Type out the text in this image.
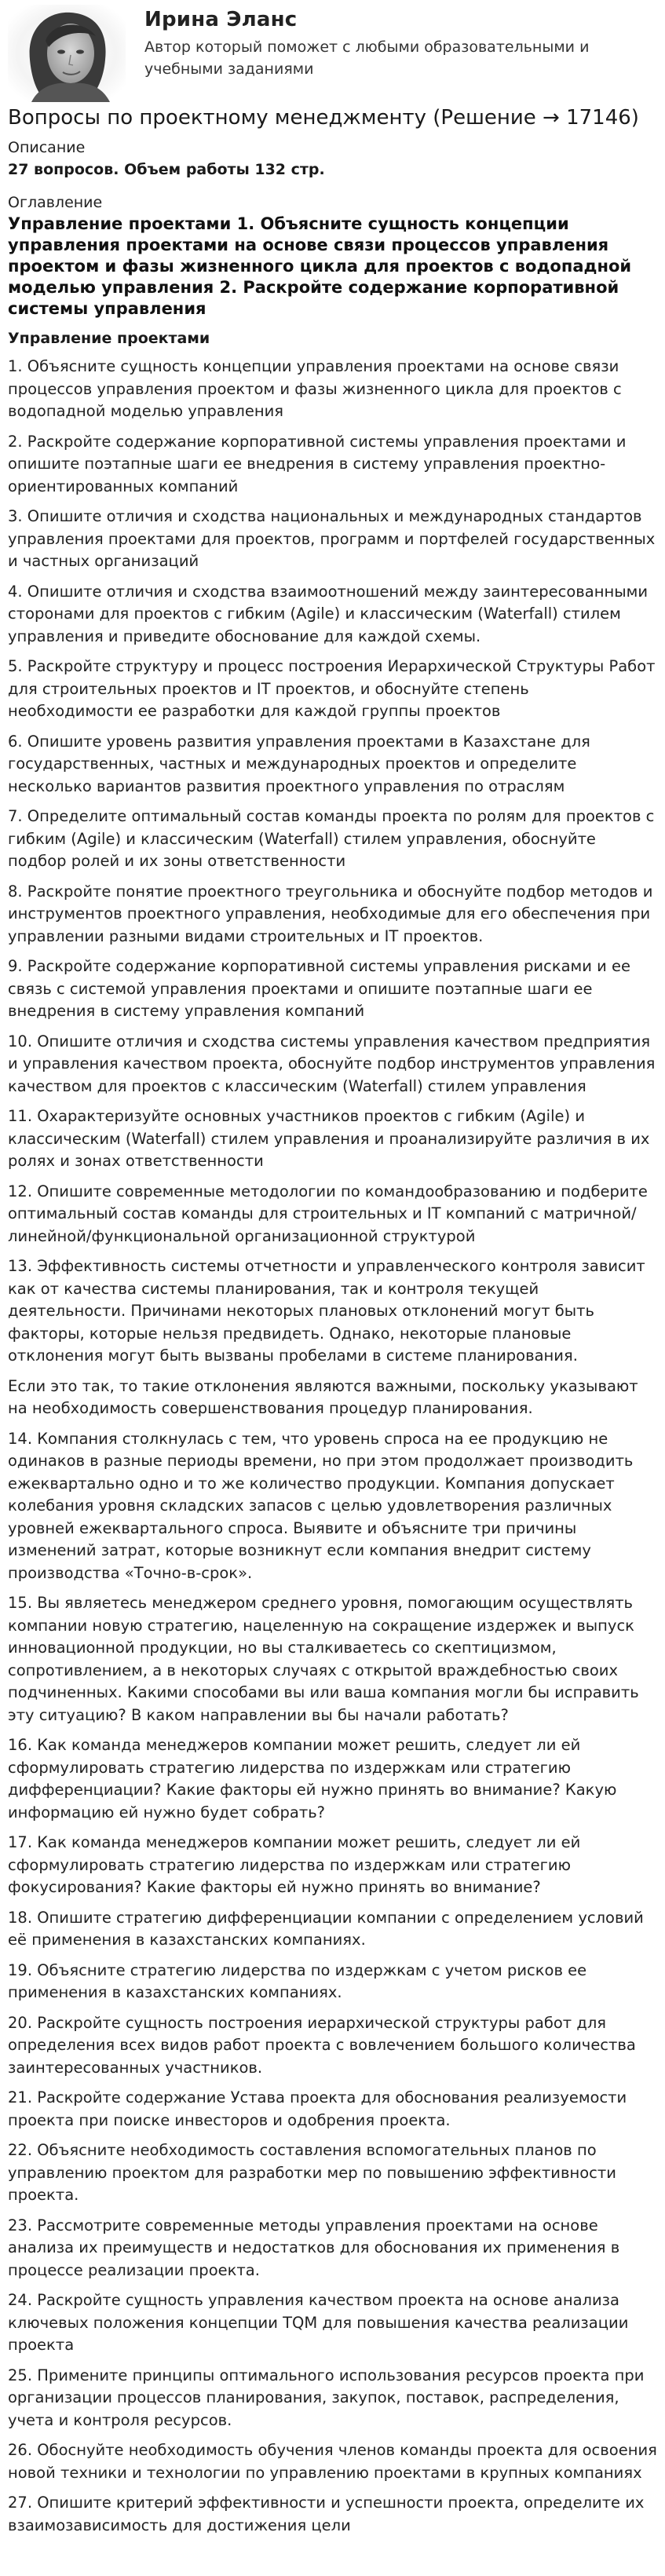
Ирина Эланс
Автор который поможет с любыми образовательными и учебными заданиями
Вопросы по проектному менеджменту (Решение → 17146)
Описание
27 вопросов. Объем работы 132 стр.
Оглавление
Управление проектами 1. Объясните сущность концепции управления проектами на основе связи процессов управления проектом и фазы жизненного цикла для проектов с водопадной моделью управления 2. Раскройте содержание корпоративной системы управления
Управление проектами

1. Объясните сущность концепции управления проектами на основе связи процессов управления проектом и фазы жизненного цикла для проектов с водопадной моделью управления

2. Раскройте содержание корпоративной системы управления проектами и опишите поэтапные шаги ее внедрения в систему управления проектно-ориентированных компаний

3. Опишите отличия и сходства национальных и международных стандартов управления проектами для проектов, программ и портфелей государственных и частных организаций

4. Опишите отличия и сходства взаимоотношений между заинтересованными сторонами для проектов с гибким (Agile) и классическим (Waterfall) стилем управления и приведите обоснование для каждой схемы.

5. Раскройте структуру и процесс построения Иерархической Структуры Работ для строительных проектов и IT проектов, и обоснуйте степень необходимости ее разработки для каждой группы проектов

6. Опишите уровень развития управления проектами в Казахстане для государственных, частных и международных проектов и определите несколько вариантов развития проектного управления по отраслям

7. Определите оптимальный состав команды проекта по ролям для проектов с гибким (Agile) и классическим (Waterfall) стилем управления, обоснуйте подбор ролей и их зоны ответственности

8. Раскройте понятие проектного треугольника и обоснуйте подбор методов и инструментов проектного управления, необходимые для его обеспечения при управлении разными видами строительных и IT проектов.

9. Раскройте содержание корпоративной системы управления рисками и ее связь с системой управления проектами и опишите поэтапные шаги ее внедрения в систему управления компаний

10. Опишите отличия и сходства системы управления качеством предприятия и управления качеством проекта, обоснуйте подбор инструментов управления качеством для проектов с классическим (Waterfall) стилем управления

11. Охарактеризуйте основных участников проектов с гибким (Agile) и классическим (Waterfall) стилем управления и проанализируйте различия в их ролях и зонах ответственности

12. Опишите современные методологии по командообразованию и подберите оптимальный состав команды для строительных и IT компаний с матричной/линейной/функциональной организационной структурой

13. Эффективность системы отчетности и управленческого контроля зависит как от качества системы планирования, так и контроля текущей деятельности. Причинами некоторых плановых отклонений могут быть факторы, которые нельзя предвидеть. Однако, некоторые плановые отклонения могут быть вызваны пробелами в системе планирования.

Если это так, то такие отклонения являются важными, поскольку указывают на необходимость совершенствования процедур планирования.

14. Компания столкнулась с тем, что уровень спроса на ее продукцию не одинаков в разные периоды времени, но при этом продолжает производить ежеквартально одно и то же количество продукции. Компания допускает колебания уровня складских запасов с целью удовлетворения различных уровней ежеквартального спроса. Выявите и объясните три причины изменений затрат, которые возникнут если компания внедрит систему производства «Точно-в-срок».

15. Вы являетесь менеджером среднего уровня, помогающим осуществлять компании новую стратегию, нацеленную на сокращение издержек и выпуск инновационной продукции, но вы сталкиваетесь со скептицизмом, сопротивлением, а в некоторых случаях с открытой враждебностью своих подчиненных. Какими способами вы или ваша компания могли бы исправить эту ситуацию? В каком направлении вы бы начали работать?

16. Как команда менеджеров компании может решить, следует ли ей сформулировать стратегию лидерства по издержкам или стратегию дифференциации? Какие факторы ей нужно принять во внимание? Какую информацию ей нужно будет собрать?

17. Как команда менеджеров компании может решить, следует ли ей сформулировать стратегию лидерства по издержкам или стратегию фокусирования? Какие факторы ей нужно принять во внимание?

18. Опишите стратегию дифференциации компании с определением условий её применения в казахстанских компаниях.

19. Объясните стратегию лидерства по издержкам с учетом рисков ее применения в казахстанских компаниях.

20. Раскройте сущность построения иерархической структуры работ для определения всех видов работ проекта с вовлечением большого количества заинтересованных участников.

21. Раскройте содержание Устава проекта для обоснования реализуемости проекта при поиске инвесторов и одобрения проекта.

22. Объясните необходимость составления вспомогательных планов по управлению проектом для разработки мер по повышению эффективности проекта.

23. Рассмотрите современные методы управления проектами на основе анализа их преимуществ и недостатков для обоснования их применения в процессе реализации проекта.

24. Раскройте сущность управления качеством проекта на основе анализа ключевых положения концепции TQM для повышения качества реализации проекта

25. Примените принципы оптимального использования ресурсов проекта при организации процессов планирования, закупок, поставок, распределения, учета и контроля ресурсов.

26. Обоснуйте необходимость обучения членов команды проекта для освоения новой техники и технологии по управлению проектами в крупных компаниях

27. Опишите критерий эффективности и успешности проекта, определите их взаимозависимость для достижения цели
